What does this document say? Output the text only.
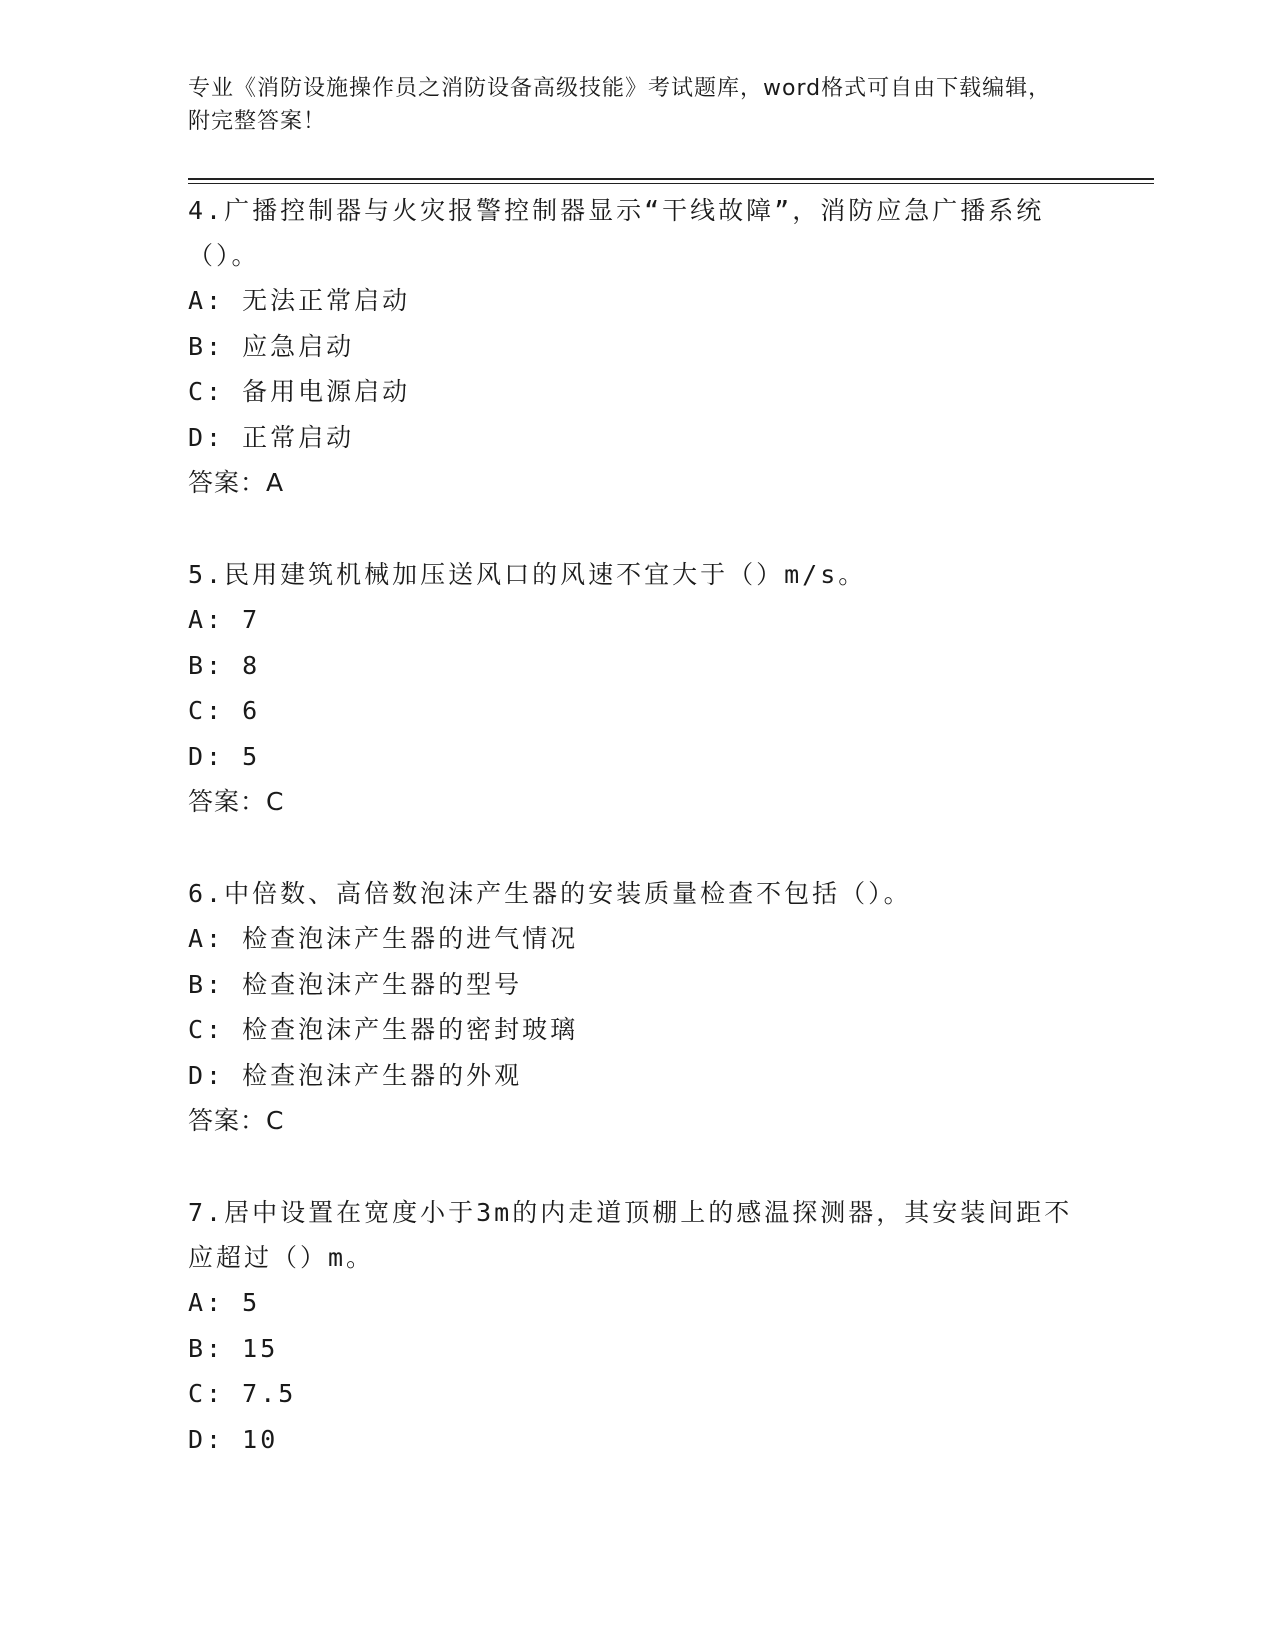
专业《消防设施操作员之消防设备高级技能》考试题库，word格式可自由下载编辑，附完整答案！
4.广播控制器与火灾报警控制器显示“干线故障”，消防应急广播系统（）。
A: 无法正常启动
B: 应急启动
C: 备用电源启动
D: 正常启动
答案：A
5.民用建筑机械加压送风口的风速不宜大于（）m/s。
A: 7
B: 8
C: 6
D: 5
答案：C
6.中倍数、高倍数泡沫产生器的安装质量检查不包括（）。
A: 检查泡沫产生器的进气情况
B: 检查泡沫产生器的型号
C: 检查泡沫产生器的密封玻璃
D: 检查泡沫产生器的外观
答案：C
7.居中设置在宽度小于3m的内走道顶棚上的感温探测器，其安装间距不应超过（）m。
A: 5
B: 15
C: 7.5
D: 10
